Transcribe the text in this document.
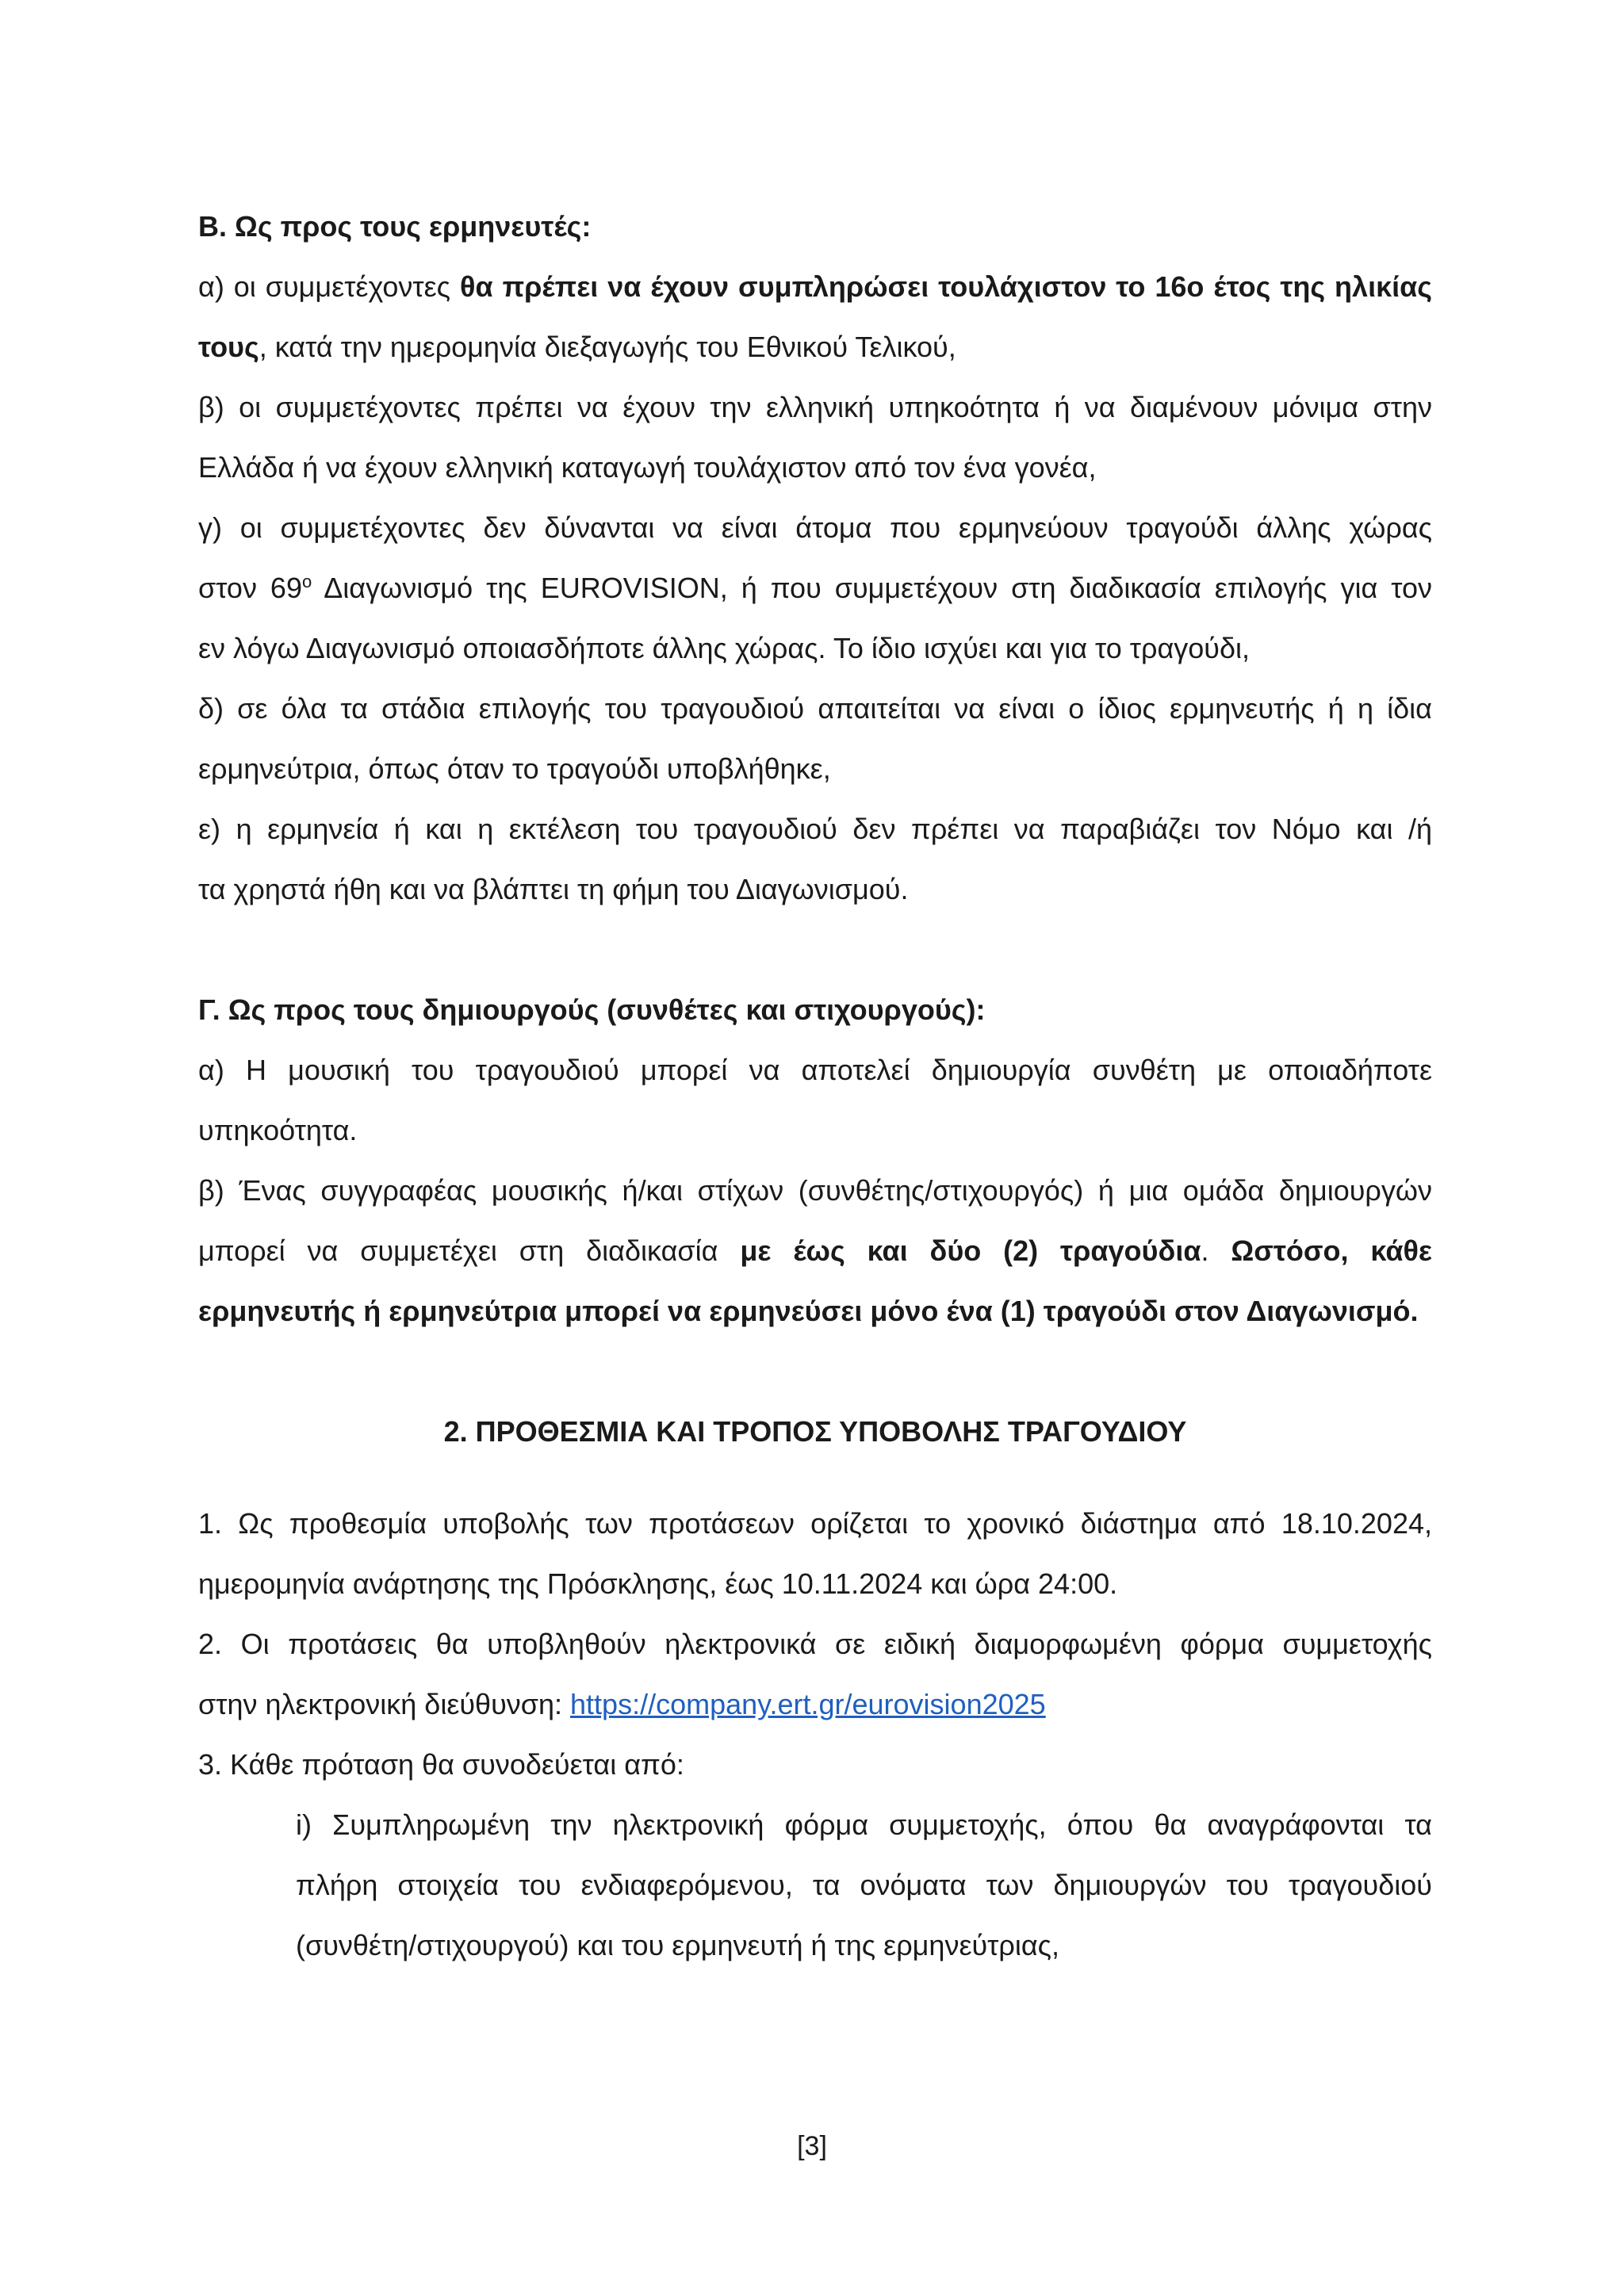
Β. Ως προς τους ερμηνευτές:

α) οι συμμετέχοντες θα πρέπει να έχουν συμπληρώσει τουλάχιστον το 16ο έτος της ηλικίας

τους, κατά την ημερομηνία διεξαγωγής του Εθνικού Τελικού,

β) οι συμμετέχοντες πρέπει να έχουν την ελληνική υπηκοότητα ή να διαμένουν μόνιμα στην

Ελλάδα ή να έχουν ελληνική καταγωγή τουλάχιστον από τον ένα γονέα,

γ) οι συμμετέχοντες δεν δύνανται να είναι άτομα που ερμηνεύουν τραγούδι άλλης χώρας

στον $69^o$ Διαγωνισμό της EUROVISION, ή που συμμετέχουν στη διαδικασία επιλογής για τον

εν λόγω Διαγωνισμό οποιασδήποτε άλλης χώρας. Το ίδιο ισχύει και για το τραγούδι,

δ) σε όλα τα στάδια επιλογής του τραγουδιού απαιτείται να είναι ο ίδιος ερμηνευτής ή η ίδια

ερμηνεύτρια, όπως όταν το τραγούδι υποβλήθηκε,

ε) η ερμηνεία ή και η εκτέλεση του τραγουδιού δεν πρέπει να παραβιάζει τον Νόμο και /ή

τα χρηστά ήθη και να βλάπτει τη φήμη του Διαγωνισμού.

Γ. Ως προς τους δημιουργούς (συνθέτες και στιχουργούς):

α) Η μουσική του τραγουδιού μπορεί να αποτελεί δημιουργία συνθέτη με οποιαδήποτε

υπηκοότητα.

β) Ένας συγγραφέας μουσικής ή/και στίχων (συνθέτης/στιχουργός) ή μια ομάδα δημιουργών

μπορεί να συμμετέχει στη διαδικασία με έως και δύο (2) τραγούδια. Ωστόσο, κάθε

ερμηνευτής ή ερμηνεύτρια μπορεί να ερμηνεύσει μόνο ένα (1) τραγούδι στον Διαγωνισμό.

2. ΠΡΟΘΕΣΜΙΑ ΚΑΙ ΤΡΟΠΟΣ ΥΠΟΒΟΛΗΣ ΤΡΑΓΟΥΔΙΟΥ

1. Ως προθεσμία υποβολής των προτάσεων ορίζεται το χρονικό διάστημα από 18.10.2024,

ημερομηνία ανάρτησης της Πρόσκλησης, έως 10.11.2024 και ώρα 24:00.

2. Οι προτάσεις θα υποβληθούν ηλεκτρονικά σε ειδική διαμορφωμένη φόρμα συμμετοχής

στην ηλεκτρονική διεύθυνση: https://company.ert.gr/eurovision2025

3. Κάθε πρόταση θα συνοδεύεται από:

i) Συμπληρωμένη την ηλεκτρονική φόρμα συμμετοχής, όπου θα αναγράφονται τα

πλήρη στοιχεία του ενδιαφερόμενου, τα ονόματα των δημιουργών του τραγουδιού

(συνθέτη/στιχουργού) και του ερμηνευτή ή της ερμηνεύτριας,

[3]
